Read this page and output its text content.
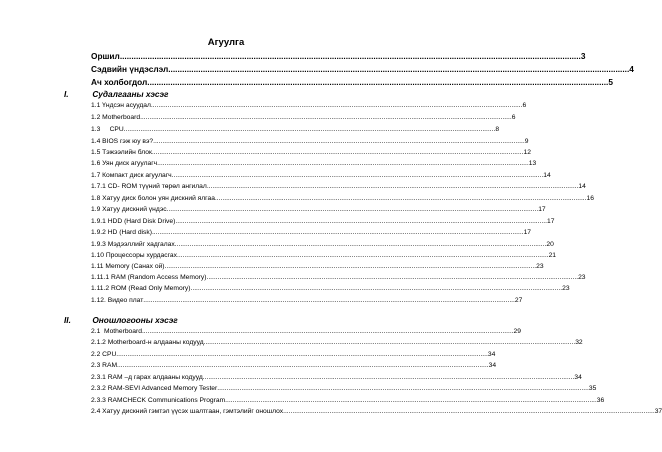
Агуулга
Оршил ........................................................................................................................................................................................................ 3
Сэдвийн үндэслэл ........................................................................................................................................................................................................ 4
Ач холбогдол ........................................................................................................................................................................................................ 5
I.	Судалгааны хэсэг
1.1 Үндсэн асуудал ........................................................................................................................................................................................................ 6
1.2 Motherboard ........................................................................................................................................................................................................ 6
1.3     CPU ........................................................................................................................................................................................................ 8
1.4 BIOS гэж юу вэ? ........................................................................................................................................................................................................ 9
1.5 Тэжээлийн блок ........................................................................................................................................................................................................ 12
1.6 Уян диск агуулагч ........................................................................................................................................................................................................ 13
1.7 Компакт диск агуулагч ........................................................................................................................................................................................................ 14
1.7.1 CD- ROM түүний төрөл ангилал ........................................................................................................................................................................................................ 14
1.8 Хатуу диск болон уян дискний ялгаа ........................................................................................................................................................................................................ 16
1.9 Хатуу дискний үндэс ........................................................................................................................................................................................................ 17
1.9.1 HDD (Hard Disk Drive) ........................................................................................................................................................................................................ 17
1.9.2 HD (Hard disk) ........................................................................................................................................................................................................ 17
1.9.3 Мэдээллийг хадгалах ........................................................................................................................................................................................................ 20
1.10 Процессоры хурдасгах ........................................................................................................................................................................................................ 21
1.11 Memory (Санах ой) ........................................................................................................................................................................................................ 23
1.11.1 RAM (Random Access Memory) ........................................................................................................................................................................................................ 23
1.11.2 ROM (Read Only Memory) ........................................................................................................................................................................................................ 23
1.12. Видео плат ........................................................................................................................................................................................................ 27
II.	Оношлогооны хэсэг
2.1  Motherboard ........................................................................................................................................................................................................ 29
2.1.2 Motherboard-н алдааны кодууд ........................................................................................................................................................................................................ 32
2.2 CPU ........................................................................................................................................................................................................ 34
2.3 RAM ........................................................................................................................................................................................................ 34
2.3.1 RAM –д гарах алдааны кодууд ........................................................................................................................................................................................................ 34
2.3.2 RAM-SEVI Advanced Memory Tester ........................................................................................................................................................................................................ 35
2.3.3 RAMCHECK Communications Program ........................................................................................................................................................................................................ 36
2.4 Хатуу дискний гэмтэл үүсэх шалтгаан, гэмтэлийг оношлох ........................................................................................................................................................................................................ 37
